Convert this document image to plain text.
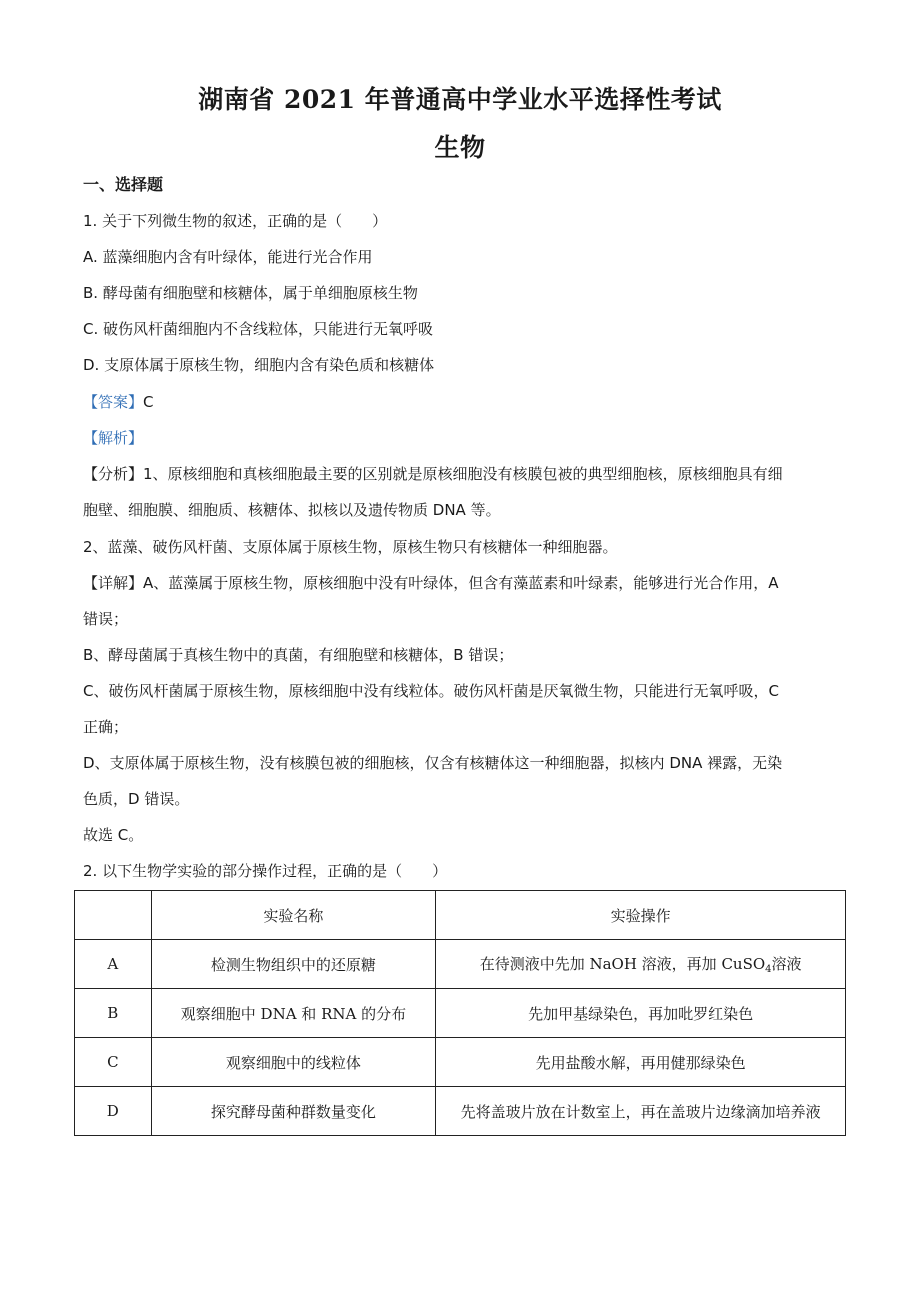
湖南省 2021 年普通高中学业水平选择性考试
生物
一、选择题
1. 关于下列微生物的叙述，正确的是（　　）
A. 蓝藻细胞内含有叶绿体，能进行光合作用
B. 酵母菌有细胞壁和核糖体，属于单细胞原核生物
C. 破伤风杆菌细胞内不含线粒体，只能进行无氧呼吸
D. 支原体属于原核生物，细胞内含有染色质和核糖体
【答案】C
【解析】
【分析】1、原核细胞和真核细胞最主要的区别就是原核细胞没有核膜包被的典型细胞核，原核细胞具有细
胞壁、细胞膜、细胞质、核糖体、拟核以及遗传物质 DNA 等。
2、蓝藻、破伤风杆菌、支原体属于原核生物，原核生物只有核糖体一种细胞器。
【详解】A、蓝藻属于原核生物，原核细胞中没有叶绿体，但含有藻蓝素和叶绿素，能够进行光合作用，A
错误；
B、酵母菌属于真核生物中的真菌，有细胞壁和核糖体，B 错误；
C、破伤风杆菌属于原核生物，原核细胞中没有线粒体。破伤风杆菌是厌氧微生物，只能进行无氧呼吸，C
正确；
D、支原体属于原核生物，没有核膜包被的细胞核，仅含有核糖体这一种细胞器，拟核内 DNA 裸露，无染
色质，D 错误。
故选 C。
2. 以下生物学实验的部分操作过程，正确的是（　　）
	实验名称	实验操作
A	检测生物组织中的还原糖	在待测液中先加 NaOH 溶液，再加 CuSO$_4$溶液
B	观察细胞中 DNA 和 RNA 的分布	先加甲基绿染色，再加吡罗红染色
C	观察细胞中的线粒体	先用盐酸水解，再用健那绿染色
D	探究酵母菌种群数量变化	先将盖玻片放在计数室上，再在盖玻片边缘滴加培养液
